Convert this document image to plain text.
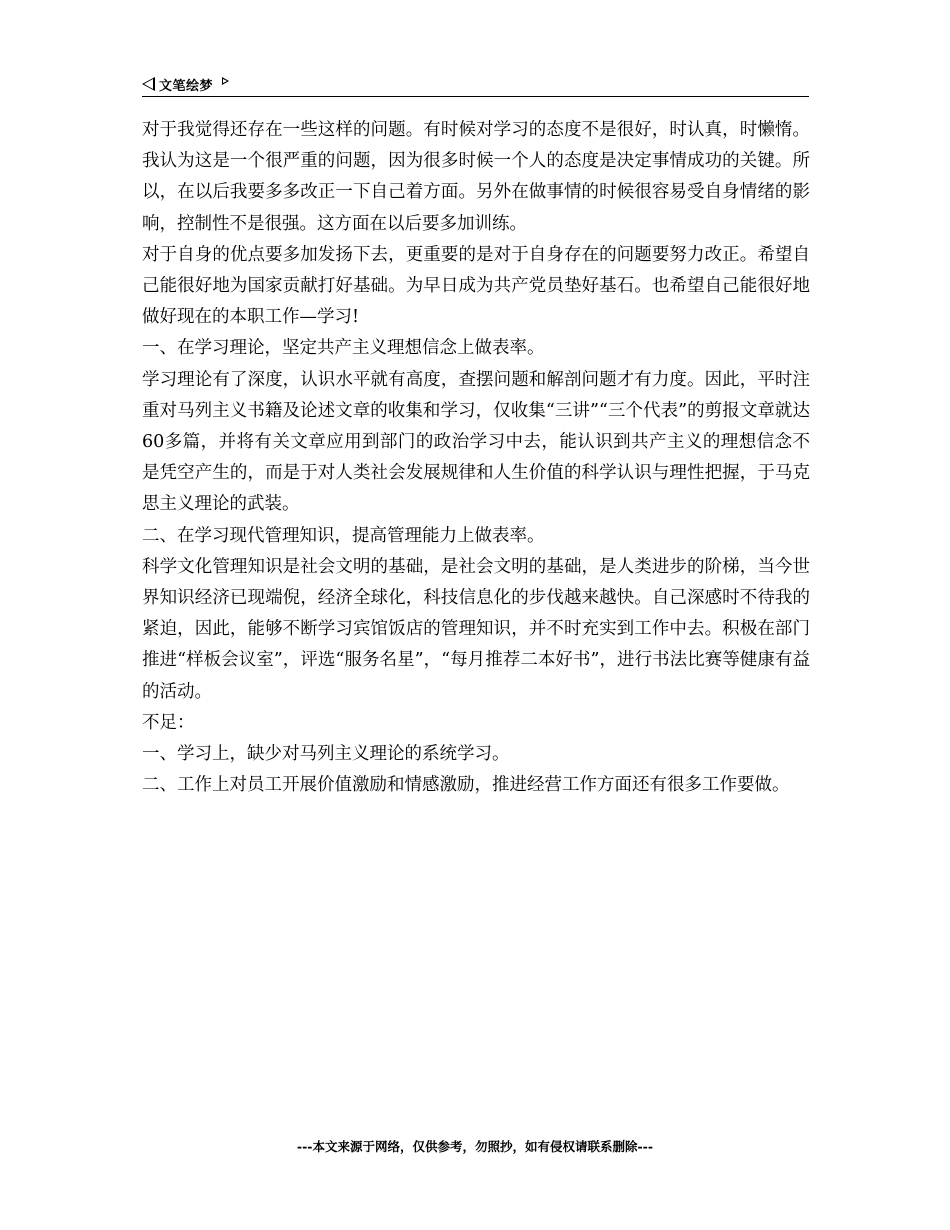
文笔绘梦

对于我觉得还存在一些这样的问题。有时候对学习的态度不是很好，时认真，时懒惰。我认为这是一个很严重的问题，因为很多时候一个人的态度是决定事情成功的关键。所以，在以后我要多多改正一下自己着方面。另外在做事情的时候很容易受自身情绪的影响，控制性不是很强。这方面在以后要多加训练。

对于自身的优点要多加发扬下去，更重要的是对于自身存在的问题要努力改正。希望自己能很好地为国家贡献打好基础。为早日成为共产党员垫好基石。也希望自己能很好地做好现在的本职工作—学习!

一、在学习理论，坚定共产主义理想信念上做表率。

学习理论有了深度，认识水平就有高度，查摆问题和解剖问题才有力度。因此，平时注重对马列主义书籍及论述文章的收集和学习，仅收集“三讲”“三个代表”的剪报文章就达60多篇，并将有关文章应用到部门的政治学习中去，能认识到共产主义的理想信念不是凭空产生的，而是于对人类社会发展规律和人生价值的科学认识与理性把握，于马克思主义理论的武装。

二、在学习现代管理知识，提高管理能力上做表率。

科学文化管理知识是社会文明的基础，是社会文明的基础，是人类进步的阶梯，当今世界知识经济已现端倪，经济全球化，科技信息化的步伐越来越快。自己深感时不待我的紧迫，因此，能够不断学习宾馆饭店的管理知识，并不时充实到工作中去。积极在部门推进“样板会议室”，评选“服务名星”，“每月推荐二本好书”，进行书法比赛等健康有益的活动。

不足：

一、学习上，缺少对马列主义理论的系统学习。

二、工作上对员工开展价值激励和情感激励，推进经营工作方面还有很多工作要做。

---本文来源于网络，仅供参考，勿照抄，如有侵权请联系删除---
